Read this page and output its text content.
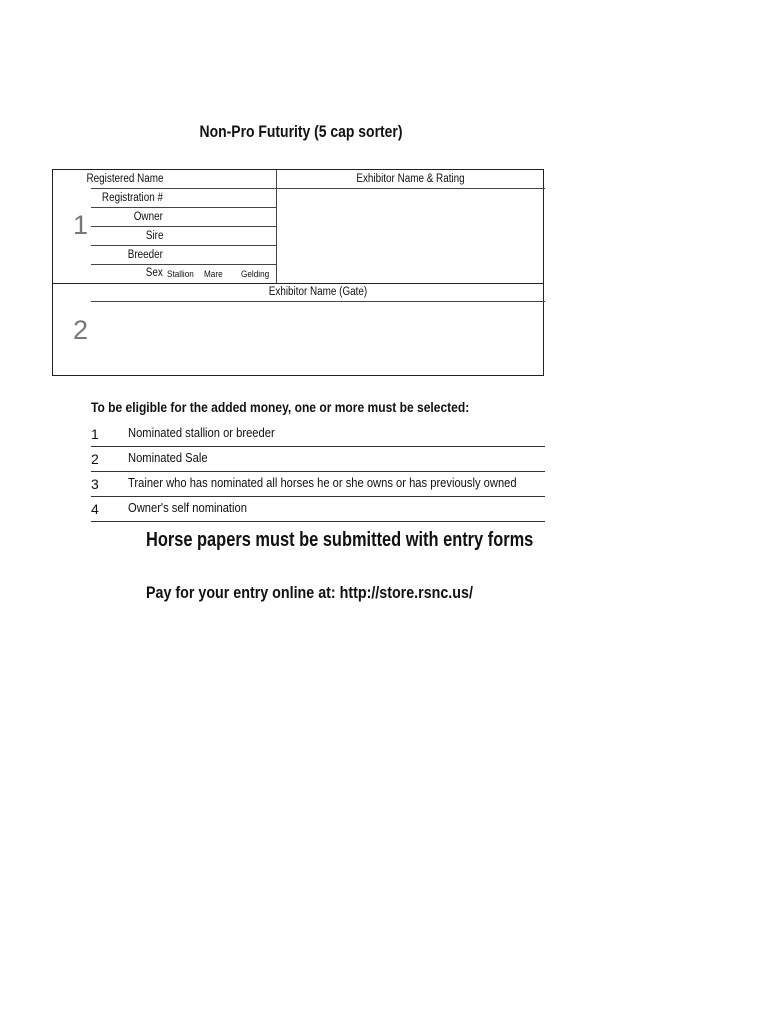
Non-Pro Futurity (5 cap sorter)
Registered Name
Registration #
Owner
Sire
Breeder
Sex Stallion Mare Gelding
Exhibitor Name & Rating
1
Exhibitor Name (Gate)
2
To be eligible for the added money, one or more must be selected:
1 Nominated stallion or breeder
2 Nominated Sale
3 Trainer who has nominated all horses he or she owns or has previously owned
4 Owner's self nomination
Horse papers must be submitted with entry forms
Pay for your entry online at: http://store.rsnc.us/
